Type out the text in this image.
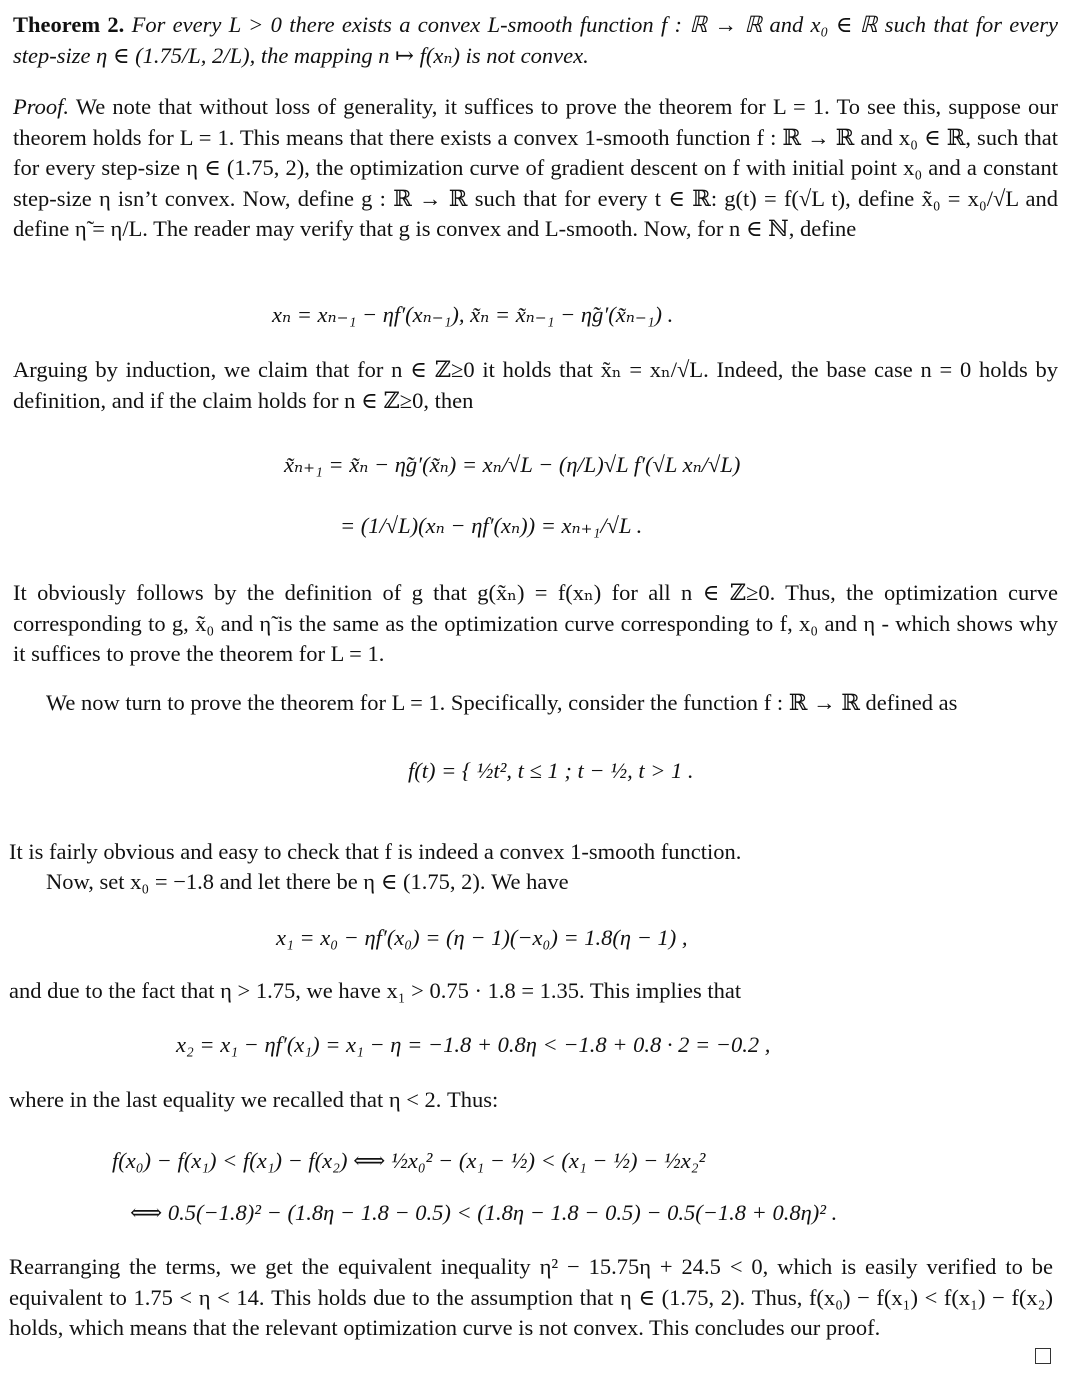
Theorem 2. For every L > 0 there exists a convex L-smooth function f : ℝ → ℝ and x₀ ∈ ℝ such that for every step-size η ∈ (1.75/L, 2/L), the mapping n ↦ f(xₙ) is not convex.

Proof. We note that without loss of generality, it suffices to prove the theorem for L = 1. To see this, suppose our theorem holds for L = 1. This means that there exists a convex 1-smooth function f : ℝ → ℝ and x₀ ∈ ℝ, such that for every step-size η ∈ (1.75, 2), the optimization curve of gradient descent on f with initial point x₀ and a constant step-size η isn’t convex. Now, define g : ℝ → ℝ such that for every t ∈ ℝ: g(t) = f(√L t), define x̃₀ = x₀/√L and define η̃ = η/L. The reader may verify that g is convex and L-smooth. Now, for n ∈ ℕ, define

xₙ = xₙ₋₁ − ηf′(xₙ₋₁), x̃ₙ = x̃ₙ₋₁ − η̃g′(x̃ₙ₋₁) .

Arguing by induction, we claim that for n ∈ ℤ≥0 it holds that x̃ₙ = xₙ/√L. Indeed, the base case n = 0 holds by definition, and if the claim holds for n ∈ ℤ≥0, then

x̃ₙ₊₁ = x̃ₙ − η̃g′(x̃ₙ) = xₙ/√L − (η/L)√L f′(√L xₙ/√L)
= (1/√L)(xₙ − ηf′(xₙ)) = xₙ₊₁/√L .

It obviously follows by the definition of g that g(x̃ₙ) = f(xₙ) for all n ∈ ℤ≥0. Thus, the optimization curve corresponding to g, x̃₀ and η̃ is the same as the optimization curve corresponding to f, x₀ and η - which shows why it suffices to prove the theorem for L = 1.

We now turn to prove the theorem for L = 1. Specifically, consider the function f : ℝ → ℝ defined as

f(t) = { ½t², t ≤ 1 ; t − ½, t > 1 .

It is fairly obvious and easy to check that f is indeed a convex 1-smooth function.

Now, set x₀ = −1.8 and let there be η ∈ (1.75, 2). We have

x₁ = x₀ − ηf′(x₀) = (η − 1)(−x₀) = 1.8(η − 1) ,

and due to the fact that η > 1.75, we have x₁ > 0.75 · 1.8 = 1.35. This implies that

x₂ = x₁ − ηf′(x₁) = x₁ − η = −1.8 + 0.8η < −1.8 + 0.8 · 2 = −0.2 ,

where in the last equality we recalled that η < 2. Thus:

f(x₀) − f(x₁) < f(x₁) − f(x₂) ⟺ ½x₀² − (x₁ − ½) < (x₁ − ½) − ½x₂²
⟺ 0.5(−1.8)² − (1.8η − 1.8 − 0.5) < (1.8η − 1.8 − 0.5) − 0.5(−1.8 + 0.8η)² .

Rearranging the terms, we get the equivalent inequality η² − 15.75η + 24.5 < 0, which is easily verified to be equivalent to 1.75 < η < 14. This holds due to the assumption that η ∈ (1.75, 2). Thus, f(x₀) − f(x₁) < f(x₁) − f(x₂) holds, which means that the relevant optimization curve is not convex. This concludes our proof.
